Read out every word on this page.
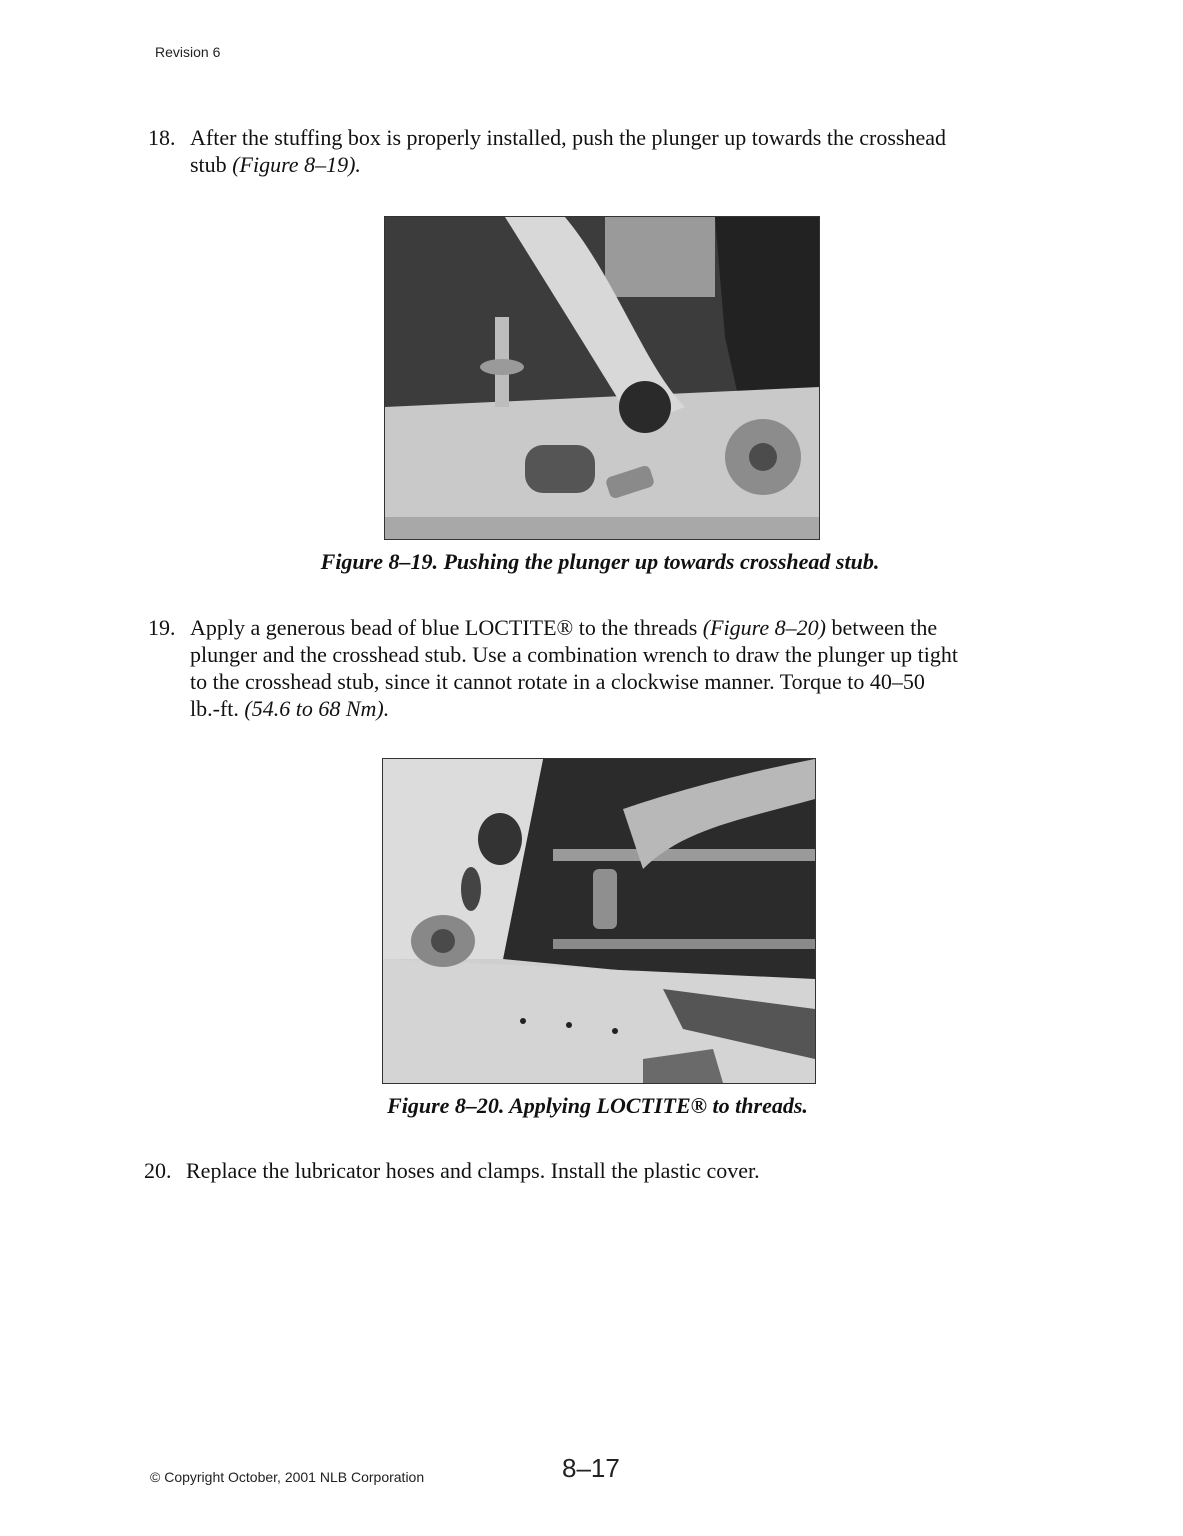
Revision 6
18. After the stuffing box is properly installed, push the plunger up towards the crosshead
stub (Figure 8–19).
Figure 8–19. Pushing the plunger up towards crosshead stub.
19. Apply a generous bead of blue LOCTITE® to the threads (Figure 8–20) between the
plunger and the crosshead stub. Use a combination wrench to draw the plunger up tight
to the crosshead stub, since it cannot rotate in a clockwise manner. Torque to 40–50
lb.-ft. (54.6 to 68 Nm).
Figure 8–20. Applying LOCTITE® to threads.
20. Replace the lubricator hoses and clamps. Install the plastic cover.
© Copyright October, 2001 NLB Corporation	8–17
